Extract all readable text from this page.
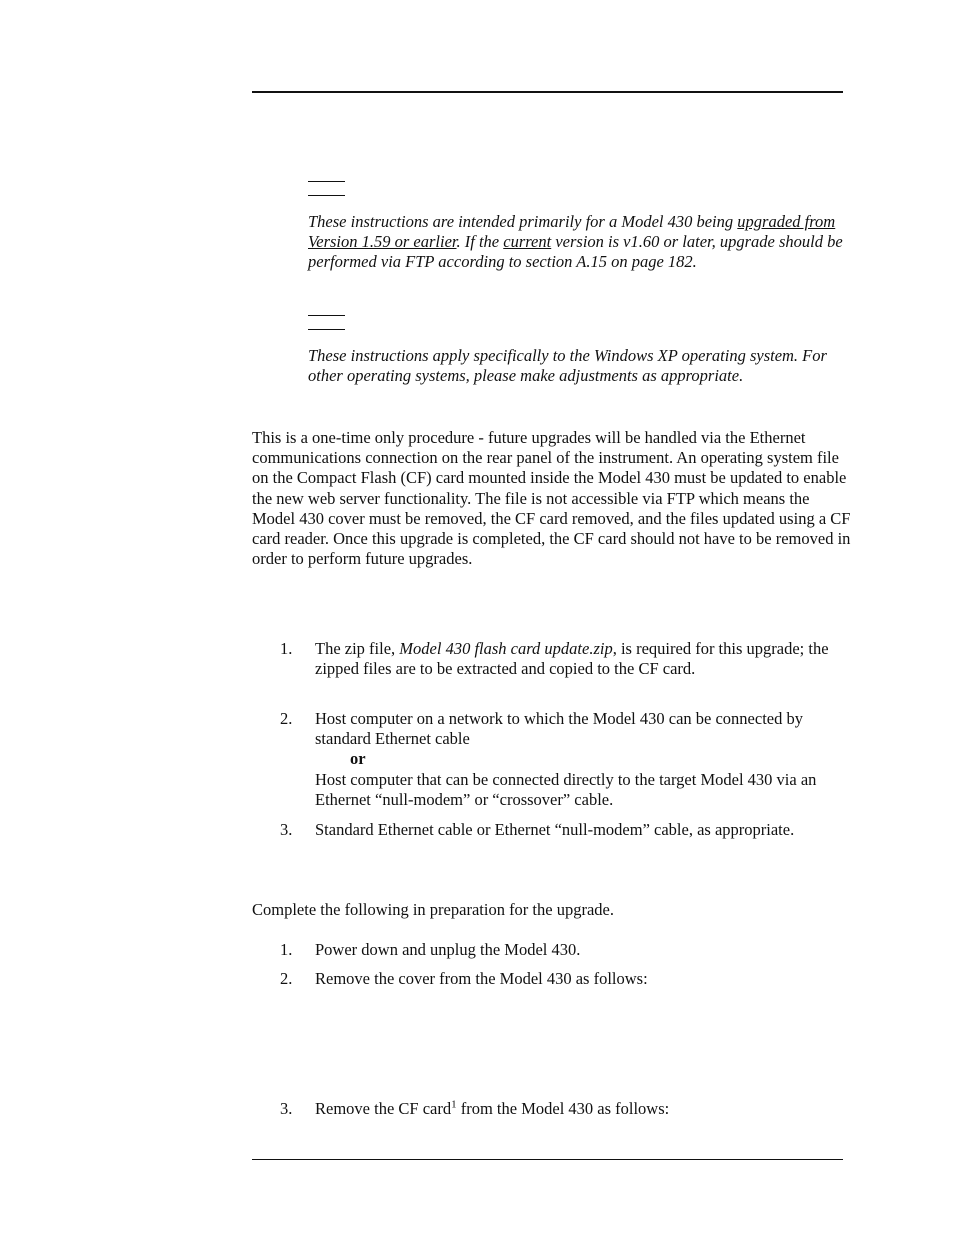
These instructions are intended primarily for a Model 430 being upgraded from Version 1.59 or earlier. If the current version is v1.60 or later, upgrade should be performed via FTP according to section A.15 on page 182.
These instructions apply specifically to the Windows XP operating system. For other operating systems, please make adjustments as appropriate.
This is a one-time only procedure - future upgrades will be handled via the Ethernet communications connection on the rear panel of the instrument. An operating system file on the Compact Flash (CF) card mounted inside the Model 430 must be updated to enable the new web server functionality. The file is not accessible via FTP which means the Model 430 cover must be removed, the CF card removed, and the files updated using a CF card reader. Once this upgrade is completed, the CF card should not have to be removed in order to perform future upgrades.
1.	The zip file, Model 430 flash card update.zip, is required for this upgrade; the zipped files are to be extracted and copied to the CF card.
2.	Host computer on a network to which the Model 430 can be connected by standard Ethernet cable
or
Host computer that can be connected directly to the target Model 430 via an Ethernet “null-modem” or “crossover” cable.
3.	Standard Ethernet cable or Ethernet “null-modem” cable, as appropriate.
Complete the following in preparation for the upgrade.
1.	Power down and unplug the Model 430.
2.	Remove the cover from the Model 430 as follows:
3.	Remove the CF card$^1$ from the Model 430 as follows:
